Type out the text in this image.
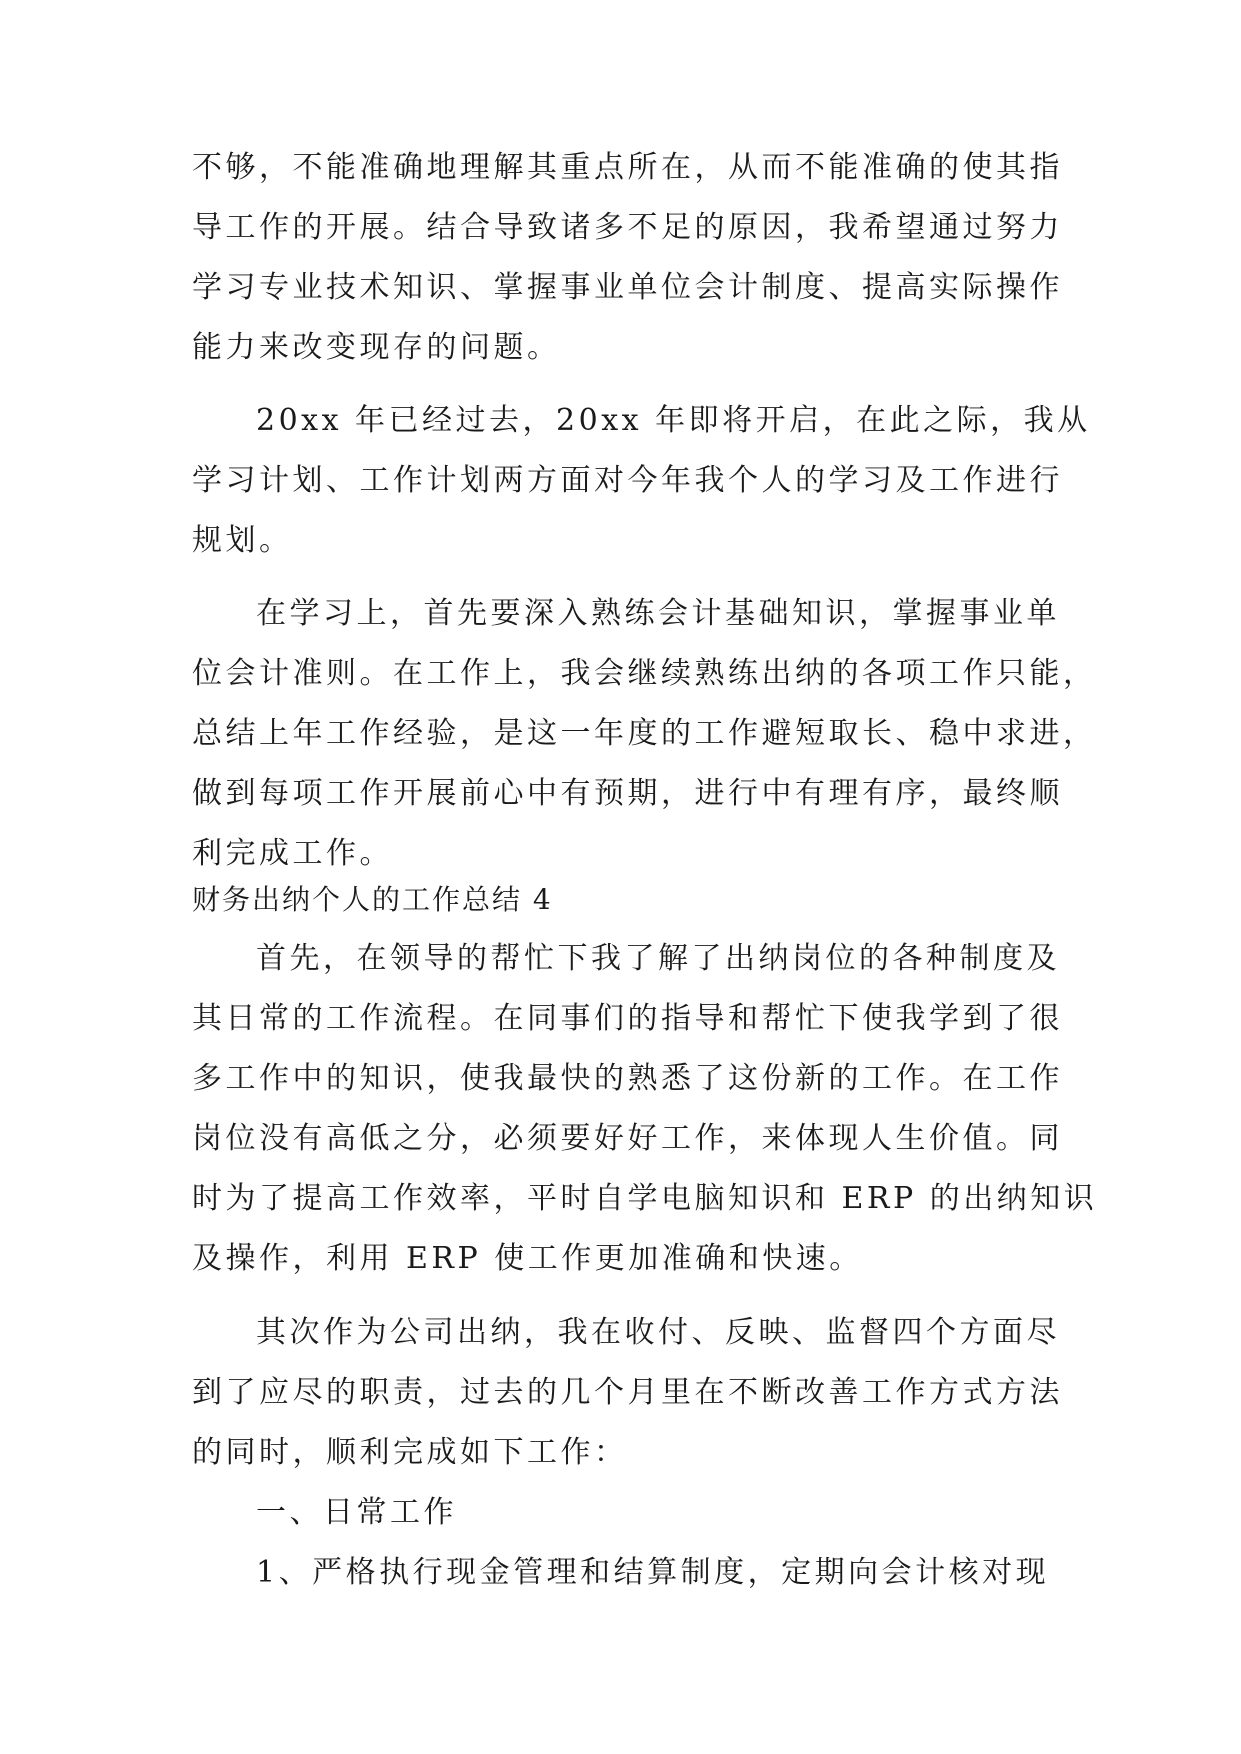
不够，不能准确地理解其重点所在，从而不能准确的使其指
导工作的开展。结合导致诸多不足的原因，我希望通过努力
学习专业技术知识、掌握事业单位会计制度、提高实际操作
能力来改变现存的问题。
20xx 年已经过去，20xx 年即将开启，在此之际，我从
学习计划、工作计划两方面对今年我个人的学习及工作进行
规划。
在学习上，首先要深入熟练会计基础知识，掌握事业单
位会计准则。在工作上，我会继续熟练出纳的各项工作只能，
总结上年工作经验，是这一年度的工作避短取长、稳中求进，
做到每项工作开展前心中有预期，进行中有理有序，最终顺
利完成工作。
财务出纳个人的工作总结 4
首先，在领导的帮忙下我了解了出纳岗位的各种制度及
其日常的工作流程。在同事们的指导和帮忙下使我学到了很
多工作中的知识，使我最快的熟悉了这份新的工作。在工作
岗位没有高低之分，必须要好好工作，来体现人生价值。同
时为了提高工作效率，平时自学电脑知识和 ERP 的出纳知识
及操作，利用 ERP 使工作更加准确和快速。
其次作为公司出纳，我在收付、反映、监督四个方面尽
到了应尽的职责，过去的几个月里在不断改善工作方式方法
的同时，顺利完成如下工作：
一、日常工作
1、严格执行现金管理和结算制度，定期向会计核对现
